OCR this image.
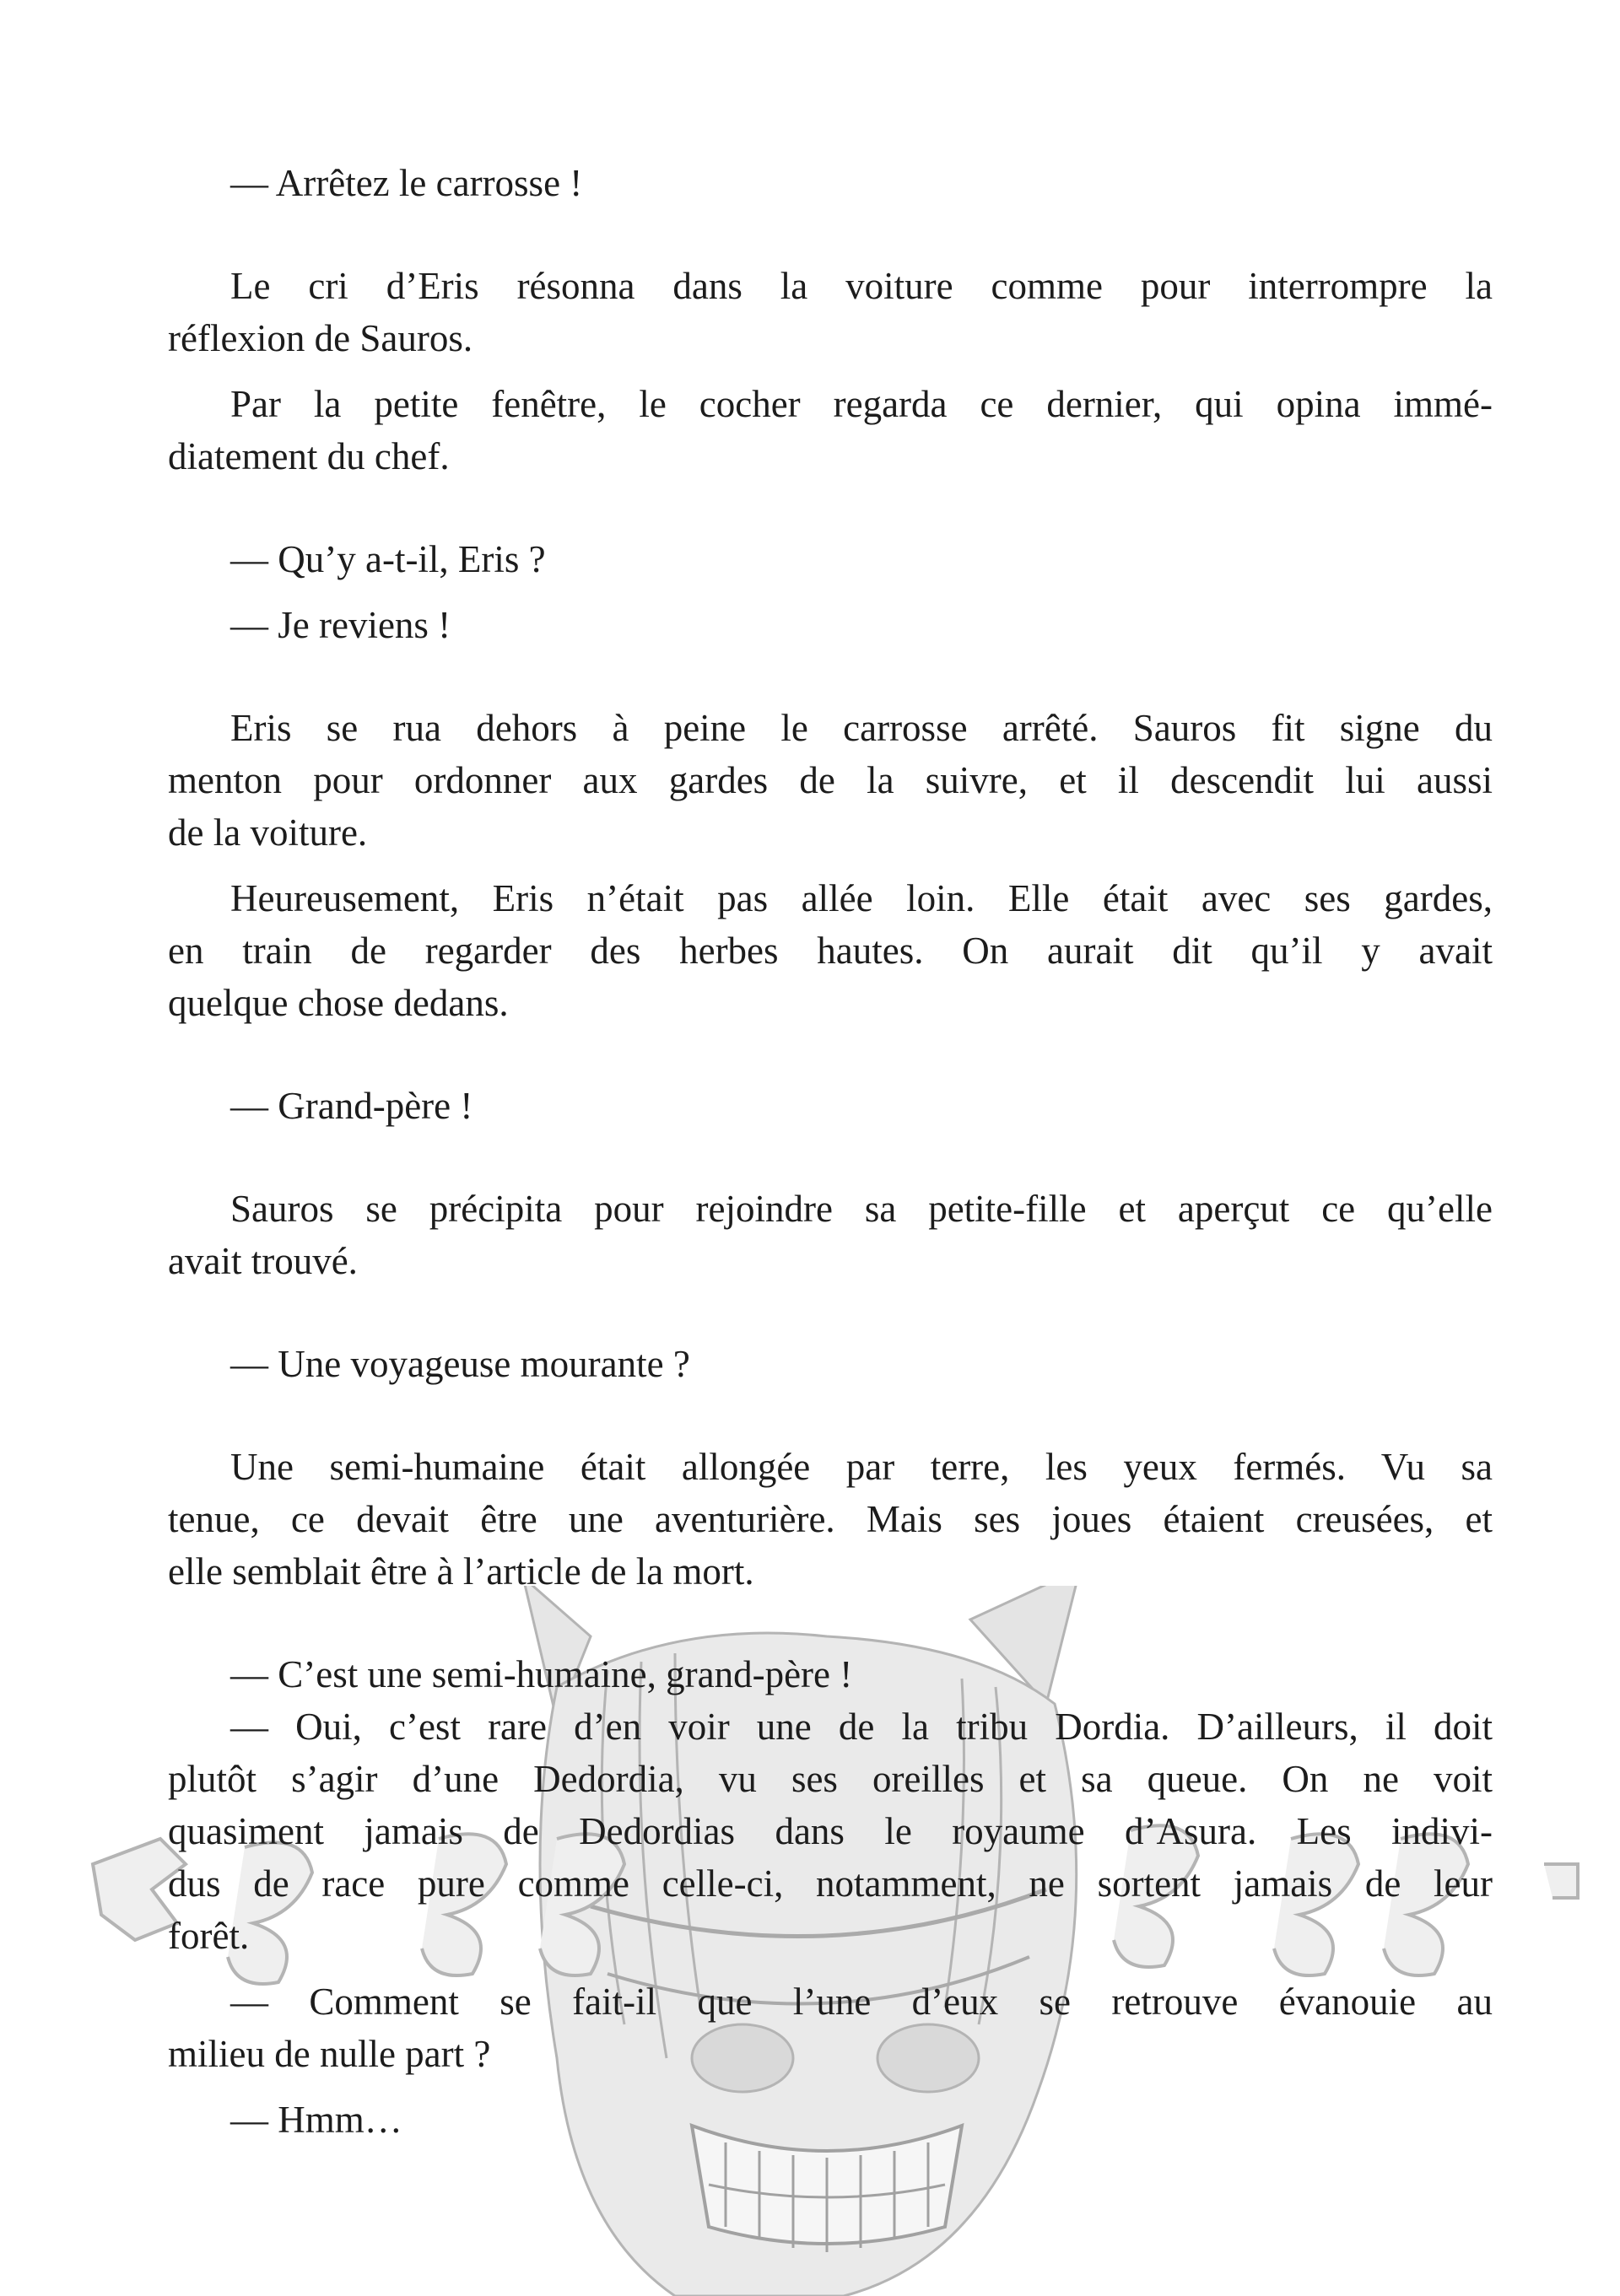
— Arrêtez le carrosse !
Le cri d’Eris résonna dans la voiture comme pour interrompre la
réflexion de Sauros.
Par la petite fenêtre, le cocher regarda ce dernier, qui opina immé-
diatement du chef.
— Qu’y a-t-il, Eris ?
— Je reviens !
Eris se rua dehors à peine le carrosse arrêté. Sauros fit signe du
menton pour ordonner aux gardes de la suivre, et il descendit lui aussi
de la voiture.
Heureusement, Eris n’était pas allée loin. Elle était avec ses gardes,
en train de regarder des herbes hautes. On aurait dit qu’il y avait
quelque chose dedans.
— Grand-père !
Sauros se précipita pour rejoindre sa petite-fille et aperçut ce qu’elle
avait trouvé.
— Une voyageuse mourante ?
Une semi-humaine était allongée par terre, les yeux fermés. Vu sa
tenue, ce devait être une aventurière. Mais ses joues étaient creusées, et
elle semblait être à l’article de la mort.
— C’est une semi-humaine, grand-père !
— Oui, c’est rare d’en voir une de la tribu Dordia. D’ailleurs, il doit
plutôt s’agir d’une Dedordia, vu ses oreilles et sa queue. On ne voit
quasiment jamais de Dedordias dans le royaume d’Asura. Les indivi-
dus de race pure comme celle-ci, notamment, ne sortent jamais de leur
forêt.
— Comment se fait-il que l’une d’eux se retrouve évanouie au
milieu de nulle part ?
— Hmm…
